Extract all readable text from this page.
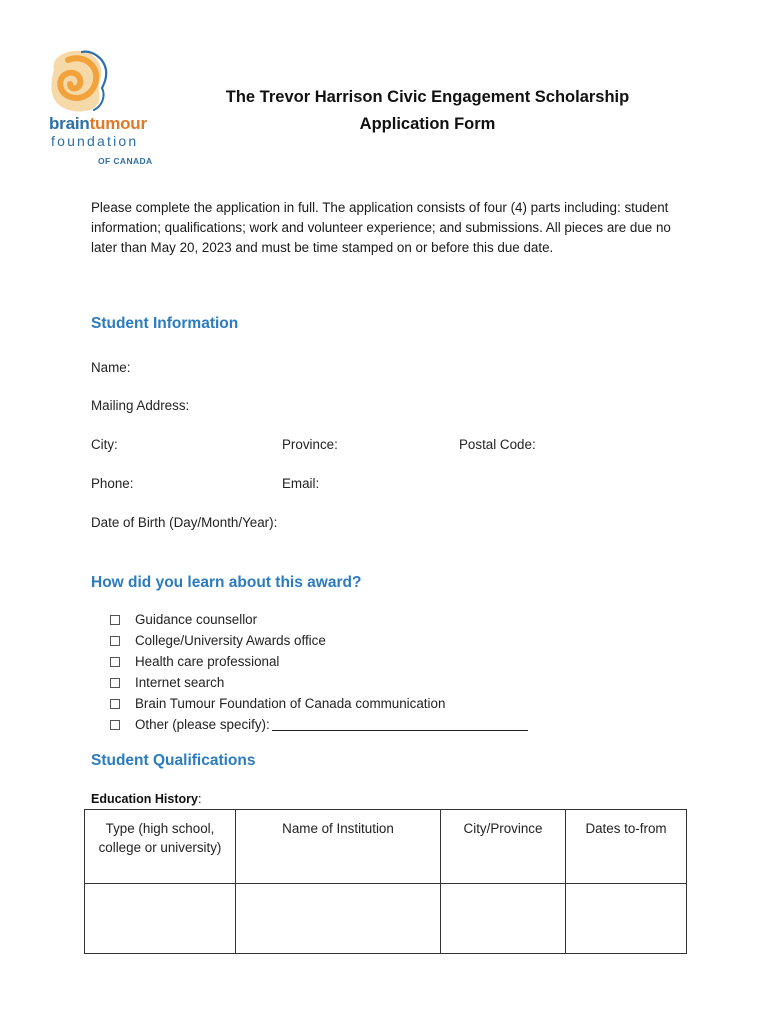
braintumour
foundation
OF CANADA
The Trevor Harrison Civic Engagement Scholarship
Application Form
Please complete the application in full. The application consists of four (4) parts including: student information; qualifications; work and volunteer experience; and submissions. All pieces are due no later than May 20, 2023 and must be time stamped on or before this due date.
Student Information
Name:
Mailing Address:
City:	Province:	Postal Code:
Phone:	Email:
Date of Birth (Day/Month/Year):
How did you learn about this award?
Guidance counsellor
College/University Awards office
Health care professional
Internet search
Brain Tumour Foundation of Canada communication
Other (please specify):
Student Qualifications
Education History:
Type (high school, college or university)	Name of Institution	City/Province	Dates to-from
